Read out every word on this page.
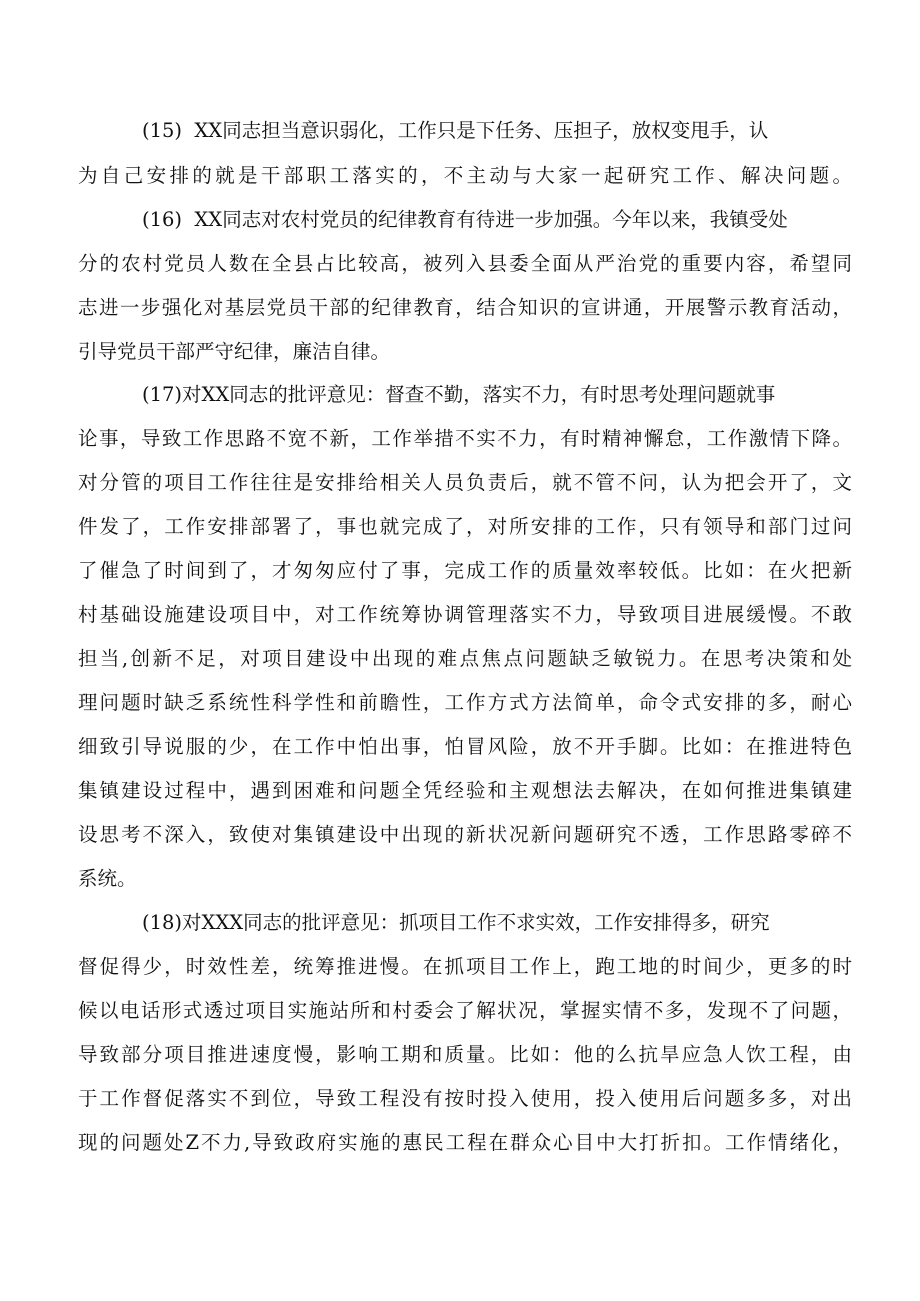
(15)  XX同志担当意识弱化，工作只是下任务、压担子，放权变甩手，认
为自己安排的就是干部职工落实的，不主动与大家一起研究工作、解决问题。
(16)  XX同志对农村党员的纪律教育有待进一步加强。今年以来，我镇受处
分的农村党员人数在全县占比较高，被列入县委全面从严治党的重要内容，希望同
志进一步强化对基层党员干部的纪律教育，结合知识的宣讲通，开展警示教育活动，
引导党员干部严守纪律，廉洁自律。
(17)对XX同志的批评意见：督查不勤，落实不力，有时思考处理问题就事
论事，导致工作思路不宽不新，工作举措不实不力，有时精神懈怠，工作激情下降。
对分管的项目工作往往是安排给相关人员负责后，就不管不问，认为把会开了，文
件发了，工作安排部署了，事也就完成了，对所安排的工作，只有领导和部门过问
了催急了时间到了，才匆匆应付了事，完成工作的质量效率较低。比如：在火把新
村基础设施建设项目中，对工作统筹协调管理落实不力，导致项目进展缓慢。不敢
担当,创新不足，对项目建设中出现的难点焦点问题缺乏敏锐力。在思考决策和处
理问题时缺乏系统性科学性和前瞻性，工作方式方法简单，命令式安排的多，耐心
细致引导说服的少，在工作中怕出事，怕冒风险，放不开手脚。比如：在推进特色
集镇建设过程中，遇到困难和问题全凭经验和主观想法去解决，在如何推进集镇建
设思考不深入，致使对集镇建设中出现的新状况新问题研究不透，工作思路零碎不
系统。
(18)对XXX同志的批评意见：抓项目工作不求实效，工作安排得多，研究
督促得少，时效性差，统筹推进慢。在抓项目工作上，跑工地的时间少，更多的时
候以电话形式透过项目实施站所和村委会了解状况，掌握实情不多，发现不了问题，
导致部分项目推进速度慢，影响工期和质量。比如：他的么抗旱应急人饮工程，由
于工作督促落实不到位，导致工程没有按时投入使用，投入使用后问题多多，对出
现的问题处Z不力,导致政府实施的惠民工程在群众心目中大打折扣。工作情绪化，
